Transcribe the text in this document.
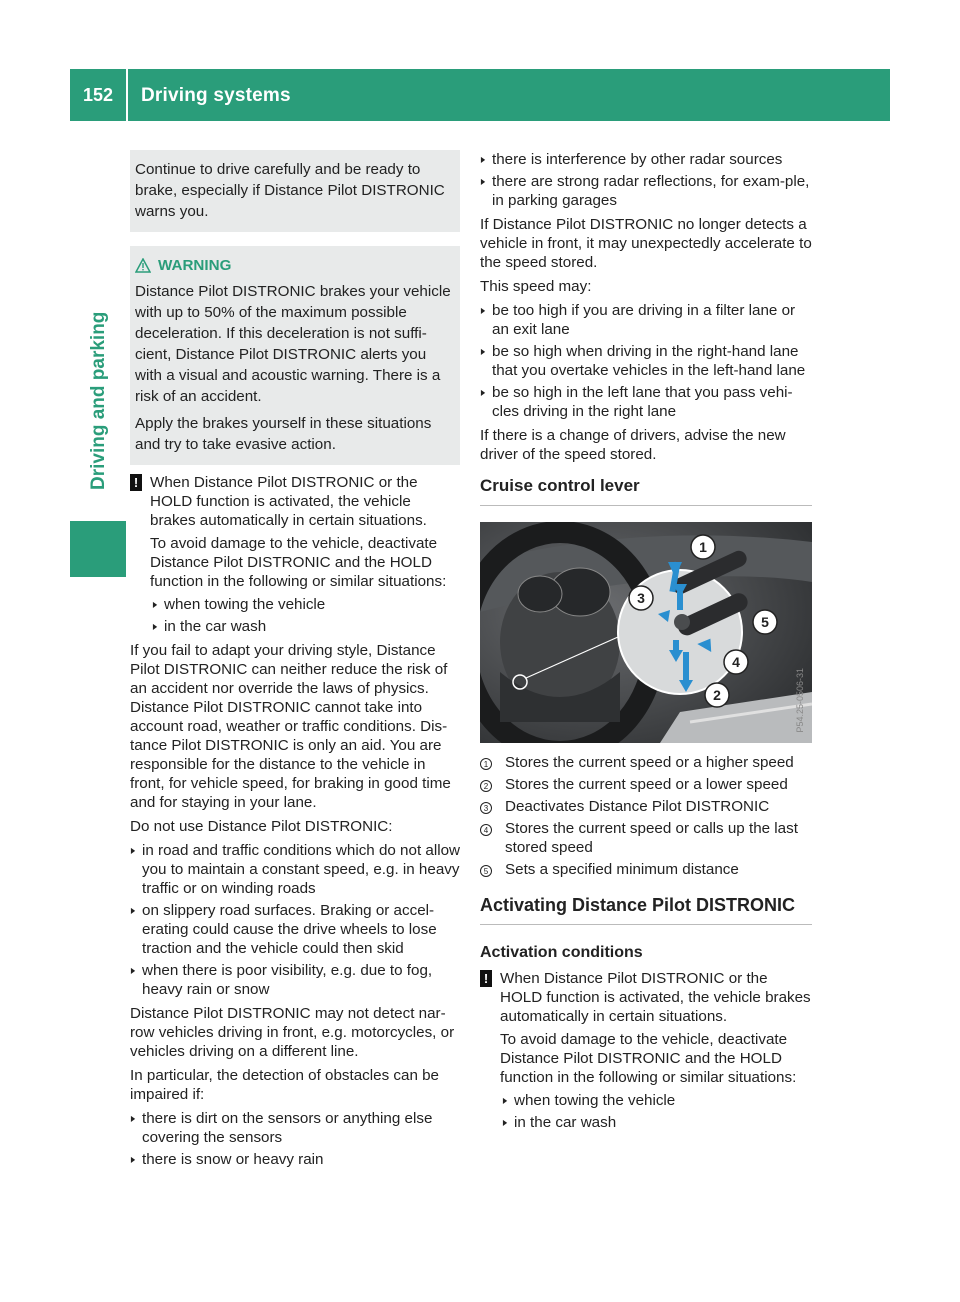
152	Driving systems
Driving and parking

Continue to drive carefully and be ready to brake, especially if Distance Pilot DISTRONIC warns you.

WARNING

Distance Pilot DISTRONIC brakes your vehicle with up to 50% of the maximum possible deceleration. If this deceleration is not suffi-cient, Distance Pilot DISTRONIC alerts you with a visual and acoustic warning. There is a risk of an accident.

Apply the brakes yourself in these situations and try to take evasive action.

! When Distance Pilot DISTRONIC or the HOLD function is activated, the vehicle brakes automatically in certain situations.

To avoid damage to the vehicle, deactivate Distance Pilot DISTRONIC and the HOLD function in the following or similar situations:

▶ when towing the vehicle
▶ in the car wash

If you fail to adapt your driving style, Distance Pilot DISTRONIC can neither reduce the risk of an accident nor override the laws of physics. Distance Pilot DISTRONIC cannot take into account road, weather or traffic conditions. Dis-tance Pilot DISTRONIC is only an aid. You are responsible for the distance to the vehicle in front, for vehicle speed, for braking in good time and for staying in your lane.

Do not use Distance Pilot DISTRONIC:

▶ in road and traffic conditions which do not allow you to maintain a constant speed, e.g. in heavy traffic or on winding roads
▶ on slippery road surfaces. Braking or accel-erating could cause the drive wheels to lose traction and the vehicle could then skid
▶ when there is poor visibility, e.g. due to fog, heavy rain or snow

Distance Pilot DISTRONIC may not detect nar-row vehicles driving in front, e.g. motorcycles, or vehicles driving on a different line.

In particular, the detection of obstacles can be impaired if:

▶ there is dirt on the sensors or anything else covering the sensors
▶ there is snow or heavy rain
▶ there is interference by other radar sources
▶ there are strong radar reflections, for exam-ple, in parking garages

If Distance Pilot DISTRONIC no longer detects a vehicle in front, it may unexpectedly accelerate to the speed stored.

This speed may:

▶ be too high if you are driving in a filter lane or an exit lane
▶ be so high when driving in the right-hand lane that you overtake vehicles in the left-hand lane
▶ be so high in the left lane that you pass vehi-cles driving in the right lane

If there is a change of drivers, advise the new driver of the speed stored.

Cruise control lever
1
2
3
4
5
P54.25-0506-31
1	Stores the current speed or a higher speed
2	Stores the current speed or a lower speed
3	Deactivates Distance Pilot DISTRONIC
4	Stores the current speed or calls up the last stored speed
5	Sets a specified minimum distance
Activating Distance Pilot DISTRONIC
Activation conditions
! When Distance Pilot DISTRONIC or the HOLD function is activated, the vehicle brakes automatically in certain situations.

To avoid damage to the vehicle, deactivate Distance Pilot DISTRONIC and the HOLD function in the following or similar situations:

▶ when towing the vehicle
▶ in the car wash
